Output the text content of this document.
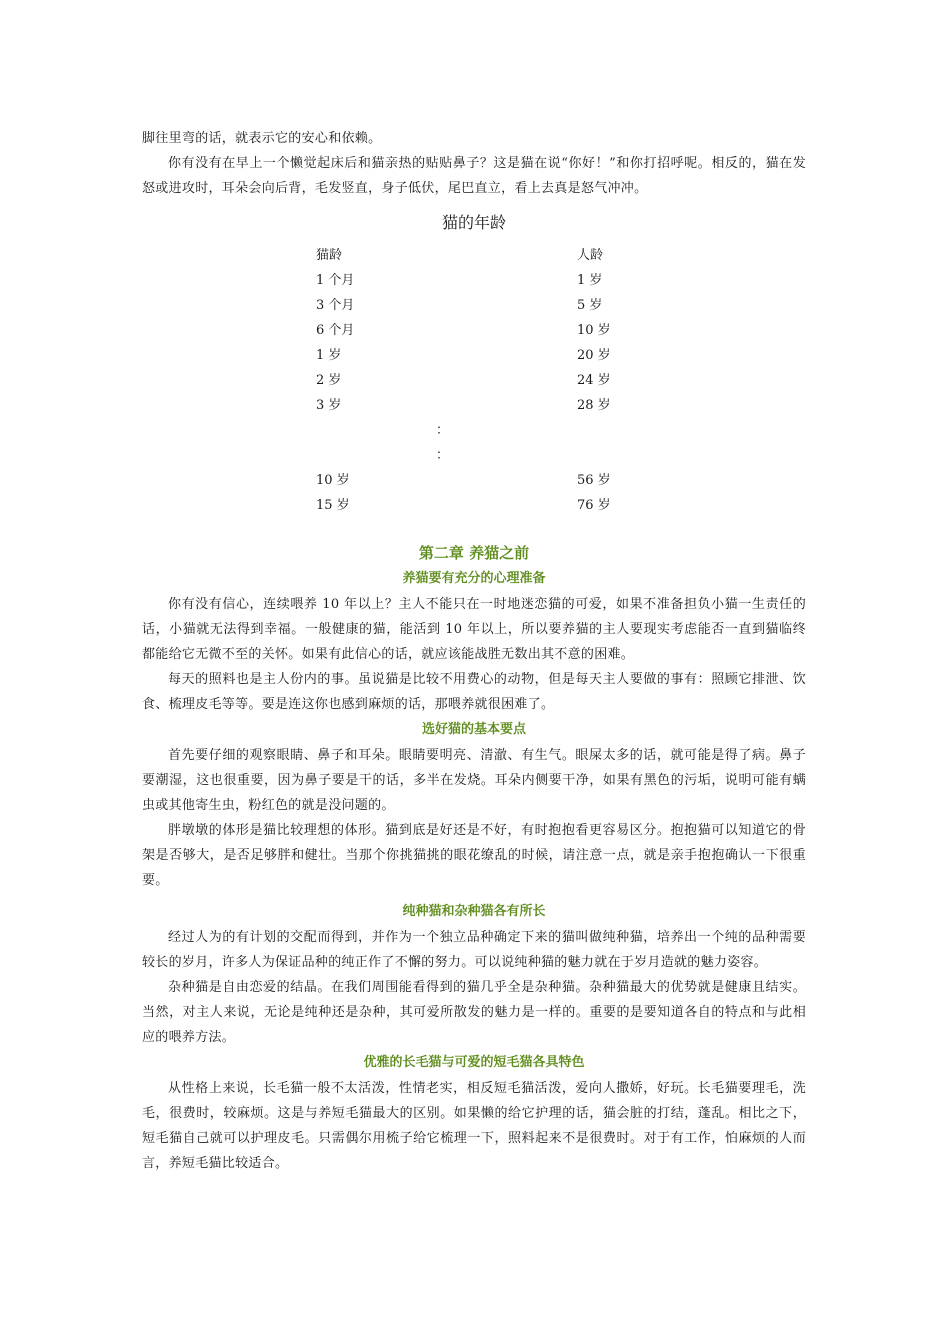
脚往里弯的话，就表示它的安心和依赖。

你有没有在早上一个懒觉起床后和猫亲热的贴贴鼻子？这是猫在说“你好！”和你打招呼呢。相反的，猫在发怒或进攻时，耳朵会向后背，毛发竖直，身子低伏，尾巴直立，看上去真是怒气冲冲。

猫的年龄
猫龄	人龄
1 个月	1 岁
3 个月	5 岁
6 个月	10 岁
1 岁	20 岁
2 岁	24 岁
3 岁	28 岁
：	
：	
10 岁	56 岁
15 岁	76 岁
第二章 养猫之前
养猫要有充分的心理准备

你有没有信心，连续喂养 10 年以上？主人不能只在一时地迷恋猫的可爱，如果不准备担负小猫一生责任的话，小猫就无法得到幸福。一般健康的猫，能活到 10 年以上，所以要养猫的主人要现实考虑能否一直到猫临终都能给它无微不至的关怀。如果有此信心的话，就应该能战胜无数出其不意的困难。

每天的照料也是主人份内的事。虽说猫是比较不用费心的动物，但是每天主人要做的事有：照顾它排泄、饮食、梳理皮毛等等。要是连这你也感到麻烦的话，那喂养就很困难了。

选好猫的基本要点

首先要仔细的观察眼睛、鼻子和耳朵。眼睛要明亮、清澈、有生气。眼屎太多的话，就可能是得了病。鼻子要潮湿，这也很重要，因为鼻子要是干的话，多半在发烧。耳朵内侧要干净，如果有黑色的污垢，说明可能有螨虫或其他寄生虫，粉红色的就是没问题的。

胖墩墩的体形是猫比较理想的体形。猫到底是好还是不好，有时抱抱看更容易区分。抱抱猫可以知道它的骨架是否够大，是否足够胖和健壮。当那个你挑猫挑的眼花缭乱的时候，请注意一点，就是亲手抱抱确认一下很重要。

纯种猫和杂种猫各有所长

经过人为的有计划的交配而得到，并作为一个独立品种确定下来的猫叫做纯种猫，培养出一个纯的品种需要较长的岁月，许多人为保证品种的纯正作了不懈的努力。可以说纯种猫的魅力就在于岁月造就的魅力姿容。

杂种猫是自由恋爱的结晶。在我们周围能看得到的猫几乎全是杂种猫。杂种猫最大的优势就是健康且结实。当然，对主人来说，无论是纯种还是杂种，其可爱所散发的魅力是一样的。重要的是要知道各自的特点和与此相应的喂养方法。

优雅的长毛猫与可爱的短毛猫各具特色

从性格上来说，长毛猫一般不太活泼，性情老实，相反短毛猫活泼，爱向人撒娇，好玩。长毛猫要理毛，洗毛，很费时，较麻烦。这是与养短毛猫最大的区别。如果懒的给它护理的话，猫会脏的打结，蓬乱。相比之下，短毛猫自己就可以护理皮毛。只需偶尔用梳子给它梳理一下，照料起来不是很费时。对于有工作，怕麻烦的人而言，养短毛猫比较适合。
